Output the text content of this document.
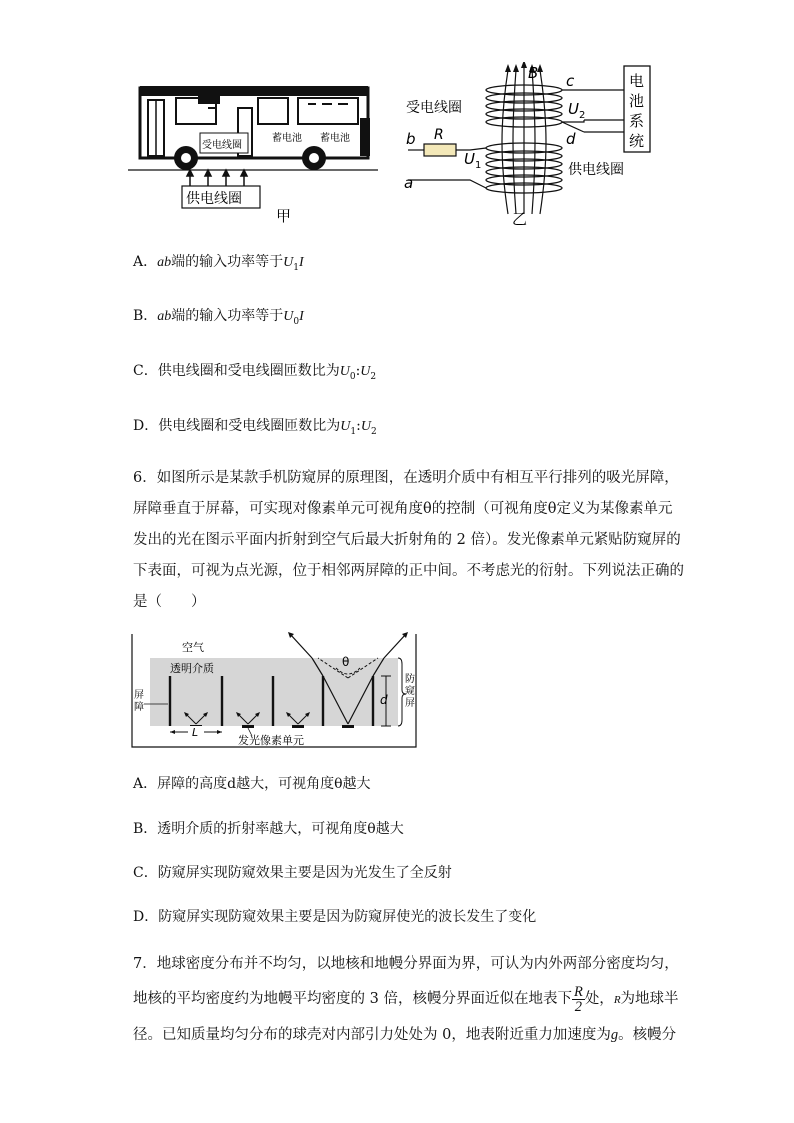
受电线圈
蓄电池 蓄电池
供电线圈
甲
B
R
b
a
$U_1$
c
$U_2$
d
受电线圈
供电线圈
电池系统
乙
A．ab端的输入功率等于$U_1I$
B．ab端的输入功率等于$U_0I$
C．供电线圈和受电线圈匝数比为$U_0:U_2$
D．供电线圈和受电线圈匝数比为$U_1:U_2$
6．如图所示是某款手机防窥屏的原理图，在透明介质中有相互平行排列的吸光屏障，
屏障垂直于屏幕，可实现对像素单元可视角度θ的控制（可视角度θ定义为某像素单元
发出的光在图示平面内折射到空气后最大折射角的 2 倍）。发光像素单元紧贴防窥屏的
下表面，可视为点光源，位于相邻两屏障的正中间。不考虑光的衍射。下列说法正确的
是（　　）
空气
透明介质	θ
d
防窥屏
屏障
L
发光像素单元
A．屏障的高度d越大，可视角度θ越大
B．透明介质的折射率越大，可视角度θ越大
C．防窥屏实现防窥效果主要是因为光发生了全反射
D．防窥屏实现防窥效果主要是因为防窥屏使光的波长发生了变化
7．地球密度分布并不均匀，以地核和地幔分界面为界，可认为内外两部分密度均匀，
地核的平均密度约为地幔平均密度的 3 倍，核幔分界面近似在地表下 $\frac{R}{2}$ 处，R为地球半
径。已知质量均匀分布的球壳对内部引力处处为 0，地表附近重力加速度为g。核幔分
